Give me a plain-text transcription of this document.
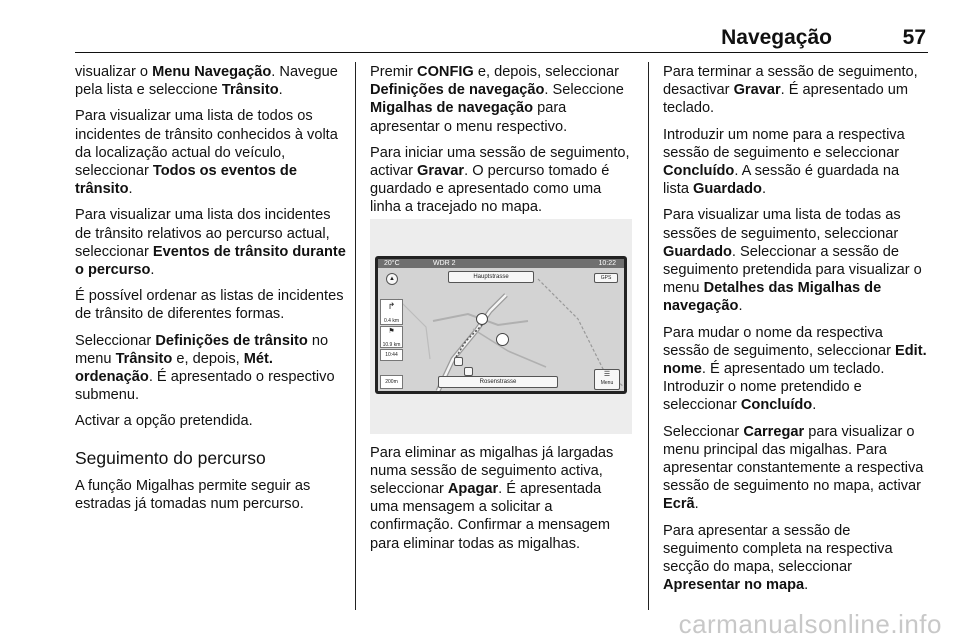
Navegação	57

visualizar o Menu Navegação. Navegue pela lista e seleccione Trânsito.

Para visualizar uma lista de todos os incidentes de trânsito conhecidos à volta da localização actual do veículo, seleccionar Todos os eventos de trânsito.

Para visualizar uma lista dos incidentes de trânsito relativos ao percurso actual, seleccionar Eventos de trânsito durante o percurso.

É possível ordenar as listas de incidentes de trânsito de diferentes formas.

Seleccionar Definições de trânsito no menu Trânsito e, depois, Mét. ordenação. É apresentado o respectivo submenu.

Activar a opção pretendida.

Seguimento do percurso

A função Migalhas permite seguir as estradas já tomadas num percurso.

Premir CONFIG e, depois, seleccionar Definições de navegação. Seleccione Migalhas de navegação para apresentar o menu respectivo.

Para iniciar uma sessão de seguimento, activar Gravar. O percurso tomado é guardado e apresentado como uma linha a tracejado no mapa.

20°C	WDR 2	10:22
Hauptstrasse	GPS
▲
↱
0.4 km
⚑
10.9 km
10:44
200m	Rosenstrasse
☰
Menu

Para eliminar as migalhas já largadas numa sessão de seguimento activa, seleccionar Apagar. É apresentada uma mensagem a solicitar a confirmação. Confirmar a mensagem para eliminar todas as migalhas.

Para terminar a sessão de seguimento, desactivar Gravar. É apresentado um teclado.

Introduzir um nome para a respectiva sessão de seguimento e seleccionar Concluído. A sessão é guardada na lista Guardado.

Para visualizar uma lista de todas as sessões de seguimento, seleccionar Guardado. Seleccionar a sessão de seguimento pretendida para visualizar o menu Detalhes das Migalhas de navegação.

Para mudar o nome da respectiva sessão de seguimento, seleccionar Edit. nome. É apresentado um teclado. Introduzir o nome pretendido e seleccionar Concluído.

Seleccionar Carregar para visualizar o menu principal das migalhas. Para apresentar constantemente a respectiva sessão de seguimento no mapa, activar Ecrã.

Para apresentar a sessão de seguimento completa na respectiva secção do mapa, seleccionar Apresentar no mapa.

carmanualsonline.info
